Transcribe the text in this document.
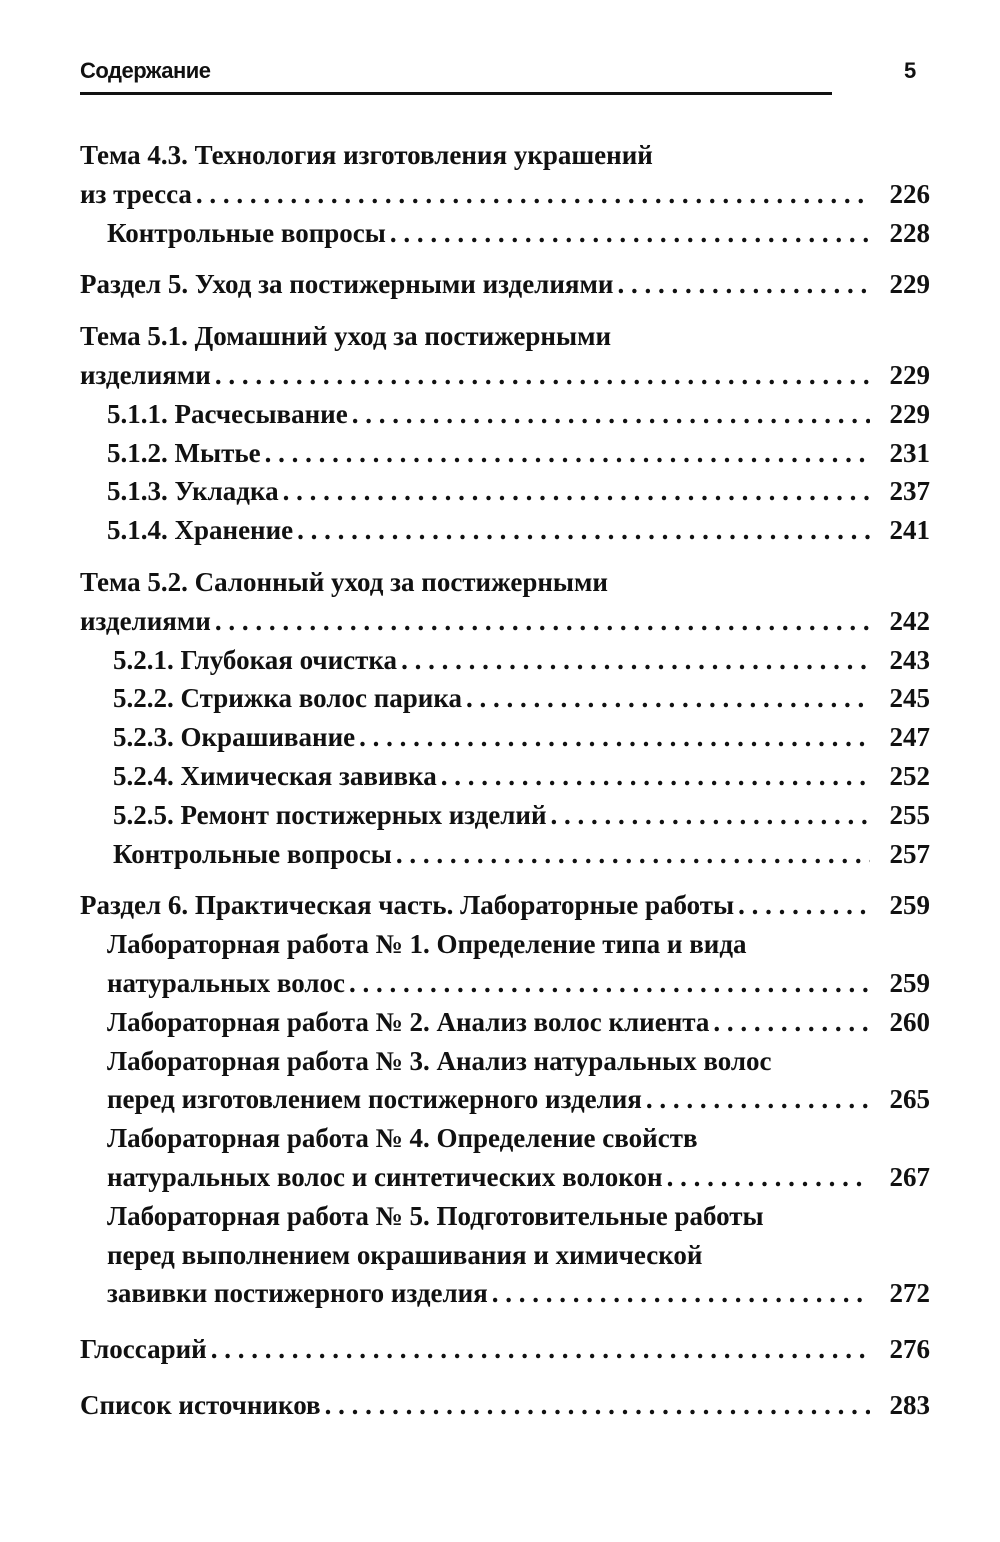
Содержание	5
Тема 4.3. Технология изготовления украшений
из тресса . . .	226
Контрольные вопросы . . .	228
Раздел 5. Уход за постижерными изделиями . . .	229
Тема 5.1. Домашний уход за постижерными
изделиями . . .	229
5.1.1. Расчесывание . . .	229
5.1.2. Мытье . . .	231
5.1.3. Укладка . . .	237
5.1.4. Хранение . . .	241
Тема 5.2. Салонный уход за постижерными
изделиями . . .	242
5.2.1. Глубокая очистка . . .	243
5.2.2. Стрижка волос парика . . .	245
5.2.3. Окрашивание . . .	247
5.2.4. Химическая завивка . . .	252
5.2.5. Ремонт постижерных изделий . . .	255
Контрольные вопросы . . .	257
Раздел 6. Практическая часть. Лабораторные работы . . .	259
Лабораторная работа № 1. Определение типа и вида
натуральных волос . . .	259
Лабораторная работа № 2. Анализ волос клиента . . .	260
Лабораторная работа № 3. Анализ натуральных волос
перед изготовлением постижерного изделия . . .	265
Лабораторная работа № 4. Определение свойств
натуральных волос и синтетических волокон . . .	267
Лабораторная работа № 5. Подготовительные работы
перед выполнением окрашивания и химической
завивки постижерного изделия . . .	272
Глоссарий . . .	276
Список источников . . .	283
